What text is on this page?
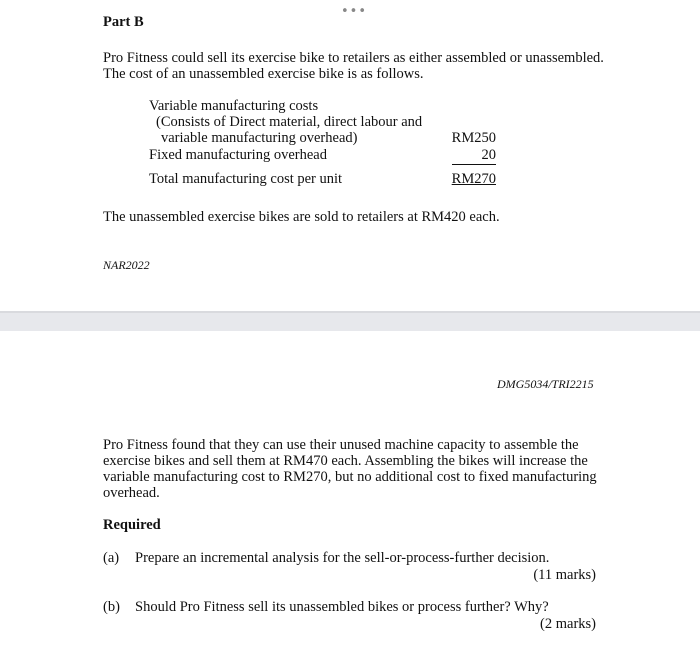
•••
Part B
Pro Fitness could sell its exercise bike to retailers as either assembled or unassembled.
The cost of an unassembled exercise bike is as follows.
Variable manufacturing costs
(Consists of Direct material, direct labour and
variable manufacturing overhead)	RM250
Fixed manufacturing overhead	20
Total manufacturing cost per unit	RM270
The unassembled exercise bikes are sold to retailers at RM420 each.
NAR2022
DMG5034/TRI2215
Pro Fitness found that they can use their unused machine capacity to assemble the
exercise bikes and sell them at RM470 each. Assembling the bikes will increase the
variable manufacturing cost to RM270, but no additional cost to fixed manufacturing
overhead.
Required
(a) Prepare an incremental analysis for the sell-or-process-further decision.
(11 marks)
(b) Should Pro Fitness sell its unassembled bikes or process further? Why?
(2 marks)
